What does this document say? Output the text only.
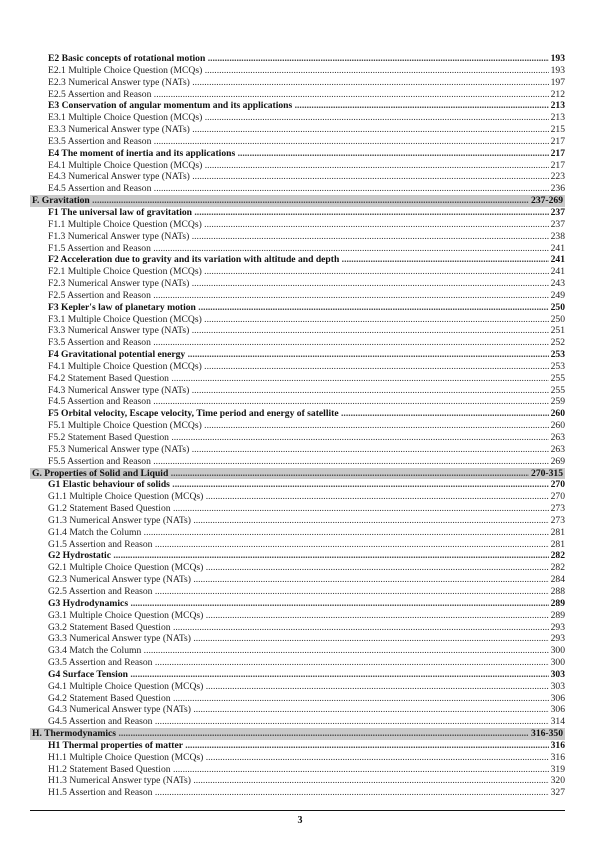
E2 Basic concepts of rotational motion .....	193
E2.1 Multiple Choice Question (MCQs) .....	193
E2.3 Numerical Answer type (NATs) .....	197
E2.5 Assertion and Reason .....	212
E3 Conservation of angular momentum and its applications .....	213
E3.1 Multiple Choice Question (MCQs) .....	213
E3.3 Numerical Answer type (NATs) .....	215
E3.5 Assertion and Reason .....	217
E4 The moment of inertia and its applications .....	217
E4.1 Multiple Choice Question (MCQs) .....	217
E4.3 Numerical Answer type (NATs) .....	223
E4.5 Assertion and Reason .....	236
F. Gravitation .....	237-269
F1 The universal law of gravitation .....	237
F1.1 Multiple Choice Question (MCQs) .....	237
F1.3 Numerical Answer type (NATs) .....	238
F1.5 Assertion and Reason .....	241
F2 Acceleration due to gravity and its variation with altitude and depth .....	241
F2.1 Multiple Choice Question (MCQs) .....	241
F2.3 Numerical Answer type (NATs) .....	243
F2.5 Assertion and Reason .....	249
F3 Kepler's law of planetary motion .....	250
F3.1 Multiple Choice Question (MCQs) .....	250
F3.3 Numerical Answer type (NATs) .....	251
F3.5 Assertion and Reason .....	252
F4 Gravitational potential energy .....	253
F4.1 Multiple Choice Question (MCQs) .....	253
F4.2 Statement Based Question .....	255
F4.3 Numerical Answer type (NATs) .....	255
F4.5 Assertion and Reason .....	259
F5 Orbital velocity, Escape velocity, Time period and energy of satellite .....	260
F5.1 Multiple Choice Question (MCQs) .....	260
F5.2 Statement Based Question .....	263
F5.3 Numerical Answer type (NATs) .....	263
F5.5 Assertion and Reason .....	269
G. Properties of Solid and Liquid .....	270-315
G1 Elastic behaviour of solids .....	270
G1.1 Multiple Choice Question (MCQs) .....	270
G1.2 Statement Based Question .....	273
G1.3 Numerical Answer type (NATs) .....	273
G1.4 Match the Column .....	281
G1.5 Assertion and Reason .....	281
G2 Hydrostatic .....	282
G2.1 Multiple Choice Question (MCQs) .....	282
G2.3 Numerical Answer type (NATs) .....	284
G2.5 Assertion and Reason .....	288
G3 Hydrodynamics .....	289
G3.1 Multiple Choice Question (MCQs) .....	289
G3.2 Statement Based Question .....	293
G3.3 Numerical Answer type (NATs) .....	293
G3.4 Match the Column .....	300
G3.5 Assertion and Reason .....	300
G4 Surface Tension .....	303
G4.1 Multiple Choice Question (MCQs) .....	303
G4.2 Statement Based Question .....	306
G4.3 Numerical Answer type (NATs) .....	306
G4.5 Assertion and Reason .....	314
H. Thermodynamics .....	316-350
H1 Thermal properties of matter .....	316
H1.1 Multiple Choice Question (MCQs) .....	316
H1.2 Statement Based Question .....	319
H1.3 Numerical Answer type (NATs) .....	320
H1.5 Assertion and Reason .....	327
3
